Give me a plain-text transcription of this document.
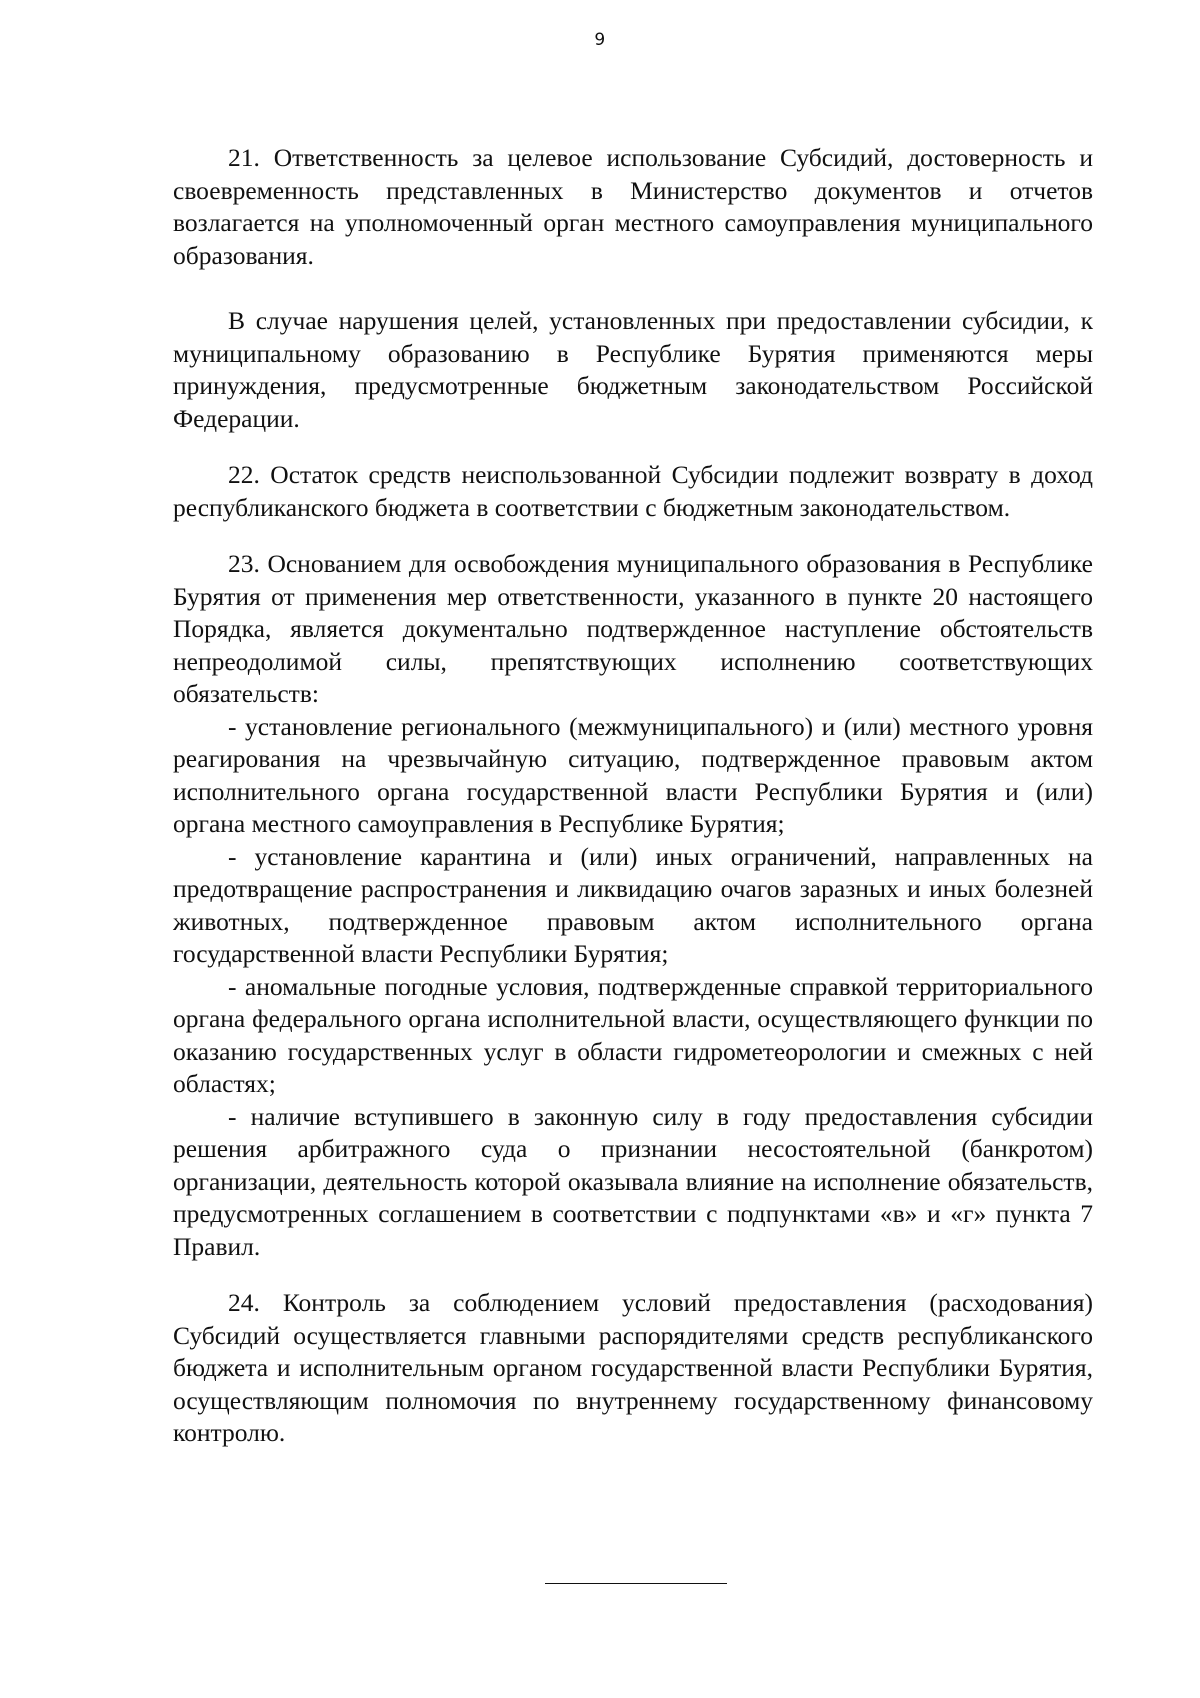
9

21. Ответственность за целевое использование Субсидий, достоверность и своевременность представленных в Министерство документов и отчетов возлагается на уполномоченный орган местного самоуправления муниципального образования.

В случае нарушения целей, установленных при предоставлении субсидии, к муниципальному образованию в Республике Бурятия применяются меры принуждения, предусмотренные бюджетным законодательством Российской Федерации.

22. Остаток средств неиспользованной Субсидии подлежит возврату в доход республиканского бюджета в соответствии с бюджетным законодательством.

23. Основанием для освобождения муниципального образования в Республике Бурятия от применения мер ответственности, указанного в пункте 20 настоящего Порядка, является документально подтвержденное наступление обстоятельств непреодолимой силы, препятствующих исполнению соответствующих обязательств:

- установление регионального (межмуниципального) и (или) местного уровня реагирования на чрезвычайную ситуацию, подтвержденное правовым актом исполнительного органа государственной власти Республики Бурятия и (или) органа местного самоуправления в Республике Бурятия;

- установление карантина и (или) иных ограничений, направленных на предотвращение распространения и ликвидацию очагов заразных и иных болезней животных, подтвержденное правовым актом исполнительного органа государственной власти Республики Бурятия;

- аномальные погодные условия, подтвержденные справкой территориального органа федерального органа исполнительной власти, осуществляющего функции по оказанию государственных услуг в области гидрометеорологии и смежных с ней областях;

- наличие вступившего в законную силу в году предоставления субсидии решения арбитражного суда о признании несостоятельной (банкротом) организации, деятельность которой оказывала влияние на исполнение обязательств, предусмотренных соглашением в соответствии с подпунктами «в» и «г» пункта 7 Правил.

24. Контроль за соблюдением условий предоставления (расходования) Субсидий осуществляется главными распорядителями средств республиканского бюджета и исполнительным органом государственной власти Республики Бурятия, осуществляющим полномочия по внутреннему государственному финансовому контролю.
